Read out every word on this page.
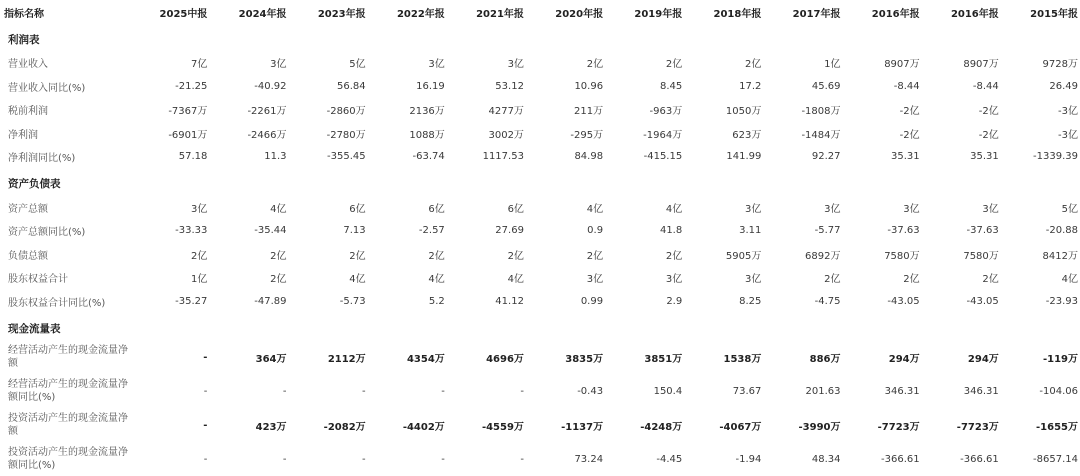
指标名称	2025中报	2024年报	2023年报	2022年报	2021年报	2020年报	2019年报	2018年报	2017年报	2016年报	2016年报	2015年报
利润表												
营业收入	7亿	3亿	5亿	3亿	3亿	2亿	2亿	2亿	1亿	8907万	8907万	9728万
营业收入同比(%)	-21.25	-40.92	56.84	16.19	53.12	10.96	8.45	17.2	45.69	-8.44	-8.44	26.49
税前利润	-7367万	-2261万	-2860万	2136万	4277万	211万	-963万	1050万	-1808万	-2亿	-2亿	-3亿
净利润	-6901万	-2466万	-2780万	1088万	3002万	-295万	-1964万	623万	-1484万	-2亿	-2亿	-3亿
净利润同比(%)	57.18	11.3	-355.45	-63.74	1117.53	84.98	-415.15	141.99	92.27	35.31	35.31	-1339.39
资产负债表												
资产总额	3亿	4亿	6亿	6亿	6亿	4亿	4亿	3亿	3亿	3亿	3亿	5亿
资产总额同比(%)	-33.33	-35.44	7.13	-2.57	27.69	0.9	41.8	3.11	-5.77	-37.63	-37.63	-20.88
负债总额	2亿	2亿	2亿	2亿	2亿	2亿	2亿	5905万	6892万	7580万	7580万	8412万
股东权益合计	1亿	2亿	4亿	4亿	4亿	3亿	3亿	3亿	2亿	2亿	2亿	4亿
股东权益合计同比(%)	-35.27	-47.89	-5.73	5.2	41.12	0.99	2.9	8.25	-4.75	-43.05	-43.05	-23.93
现金流量表												
经营活动产生的现金流量净额	-	364万	2112万	4354万	4696万	3835万	3851万	1538万	886万	294万	294万	-119万
经营活动产生的现金流量净额同比(%)	-	-	-	-	-	-0.43	150.4	73.67	201.63	346.31	346.31	-104.06
投资活动产生的现金流量净额	-	423万	-2082万	-4402万	-4559万	-1137万	-4248万	-4067万	-3990万	-7723万	-7723万	-1655万
投资活动产生的现金流量净额同比(%)	-	-	-	-	-	73.24	-4.45	-1.94	48.34	-366.61	-366.61	-8657.14
